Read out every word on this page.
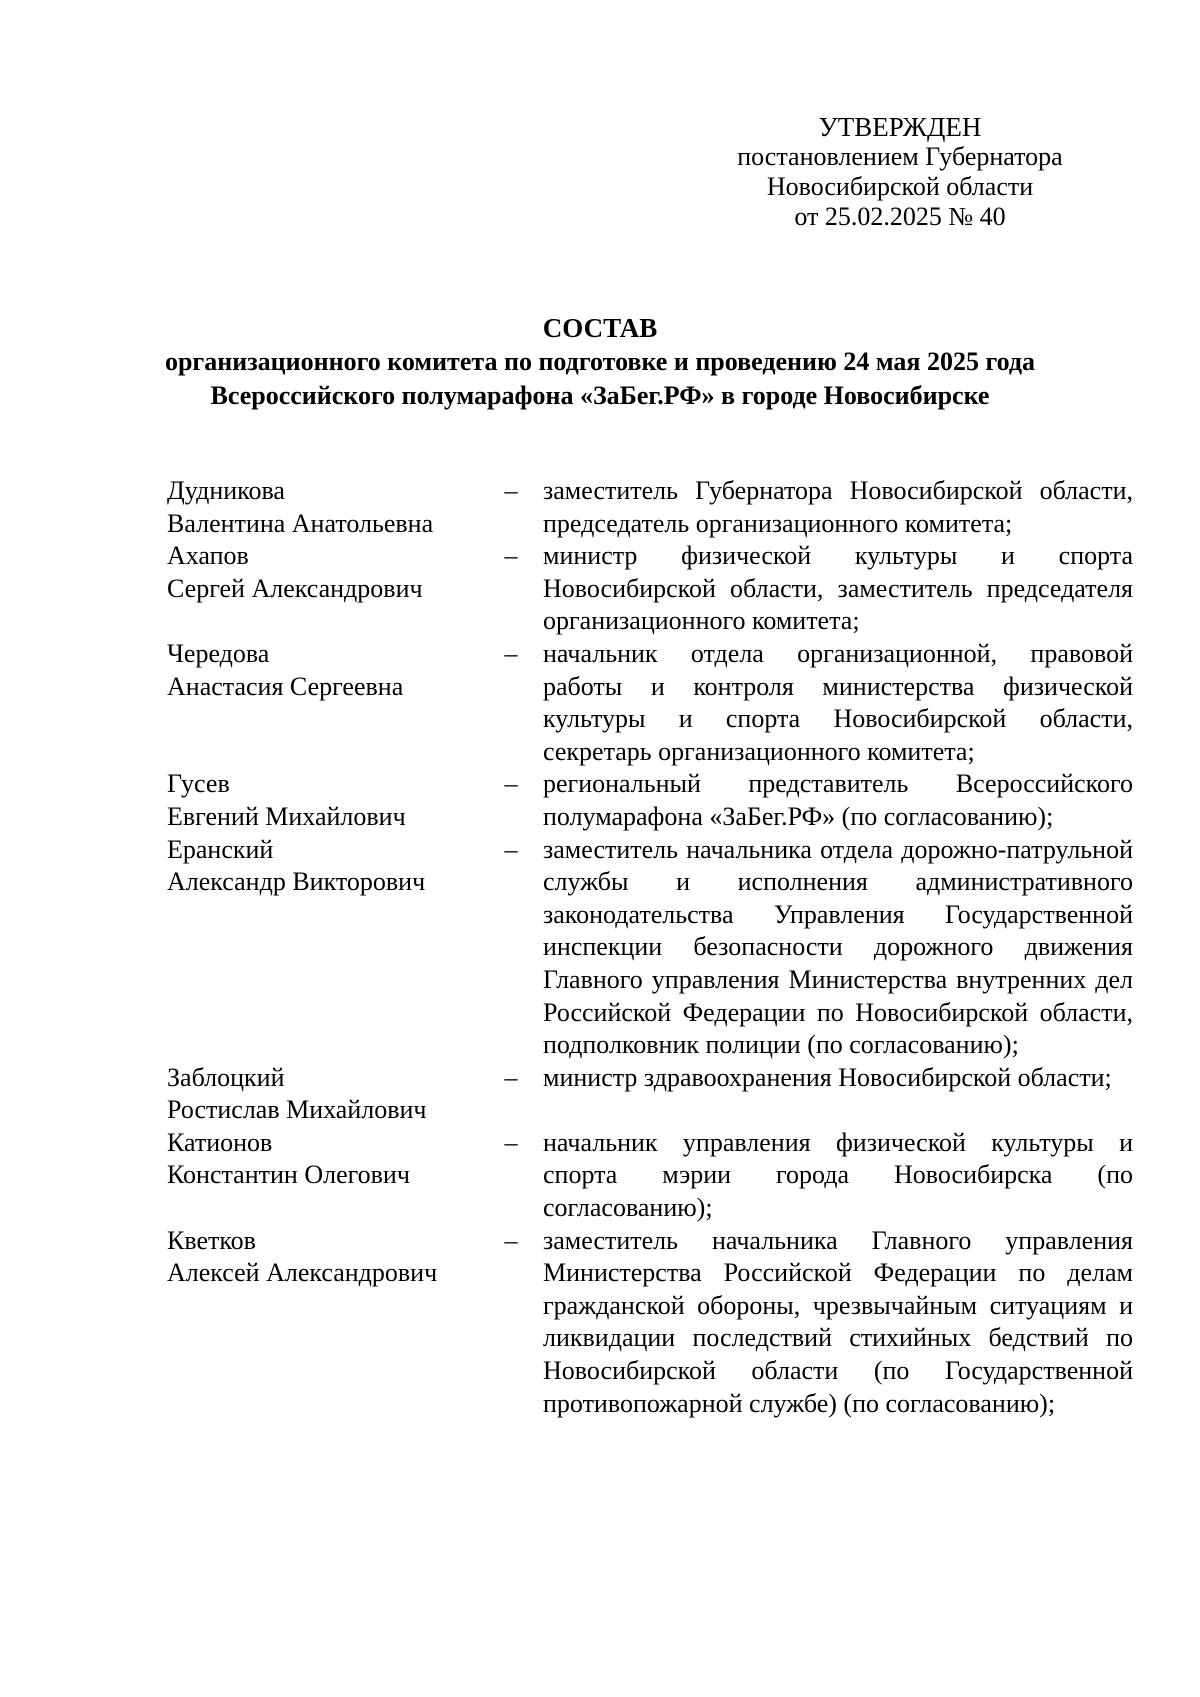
УТВЕРЖДЕН
постановлением Губернатора
Новосибирской области
от 25.02.2025 № 40
СОСТАВ
организационного комитета по подготовке и проведению 24 мая 2025 года
Всероссийского полумарафона «ЗаБег.РФ» в городе Новосибирске
Дудникова
Валентина Анатольевна
– заместитель Губернатора Новосибирской области, председатель организационного комитета;
Ахапов
Сергей Александрович
– министр физической культуры и спорта Новосибирской области, заместитель председателя организационного комитета;
Чередова
Анастасия Сергеевна
– начальник отдела организационной, правовой работы и контроля министерства физической культуры и спорта Новосибирской области, секретарь организационного комитета;
Гусев
Евгений Михайлович
– региональный представитель Всероссийского полумарафона «ЗаБег.РФ» (по согласованию);
Еранский
Александр Викторович
– заместитель начальника отдела дорожно-патрульной службы и исполнения административного законодательства Управления Государственной инспекции безопасности дорожного движения Главного управления Министерства внутренних дел Российской Федерации по Новосибирской области, подполковник полиции (по согласованию);
Заблоцкий
Ростислав Михайлович
– министр здравоохранения Новосибирской области;
Катионов
Константин Олегович
– начальник управления физической культуры и спорта мэрии города Новосибирска (по согласованию);
Кветков
Алексей Александрович
– заместитель начальника Главного управления Министерства Российской Федерации по делам гражданской обороны, чрезвычайным ситуациям и ликвидации последствий стихийных бедствий по Новосибирской области (по Государственной противопожарной службе) (по согласованию);
